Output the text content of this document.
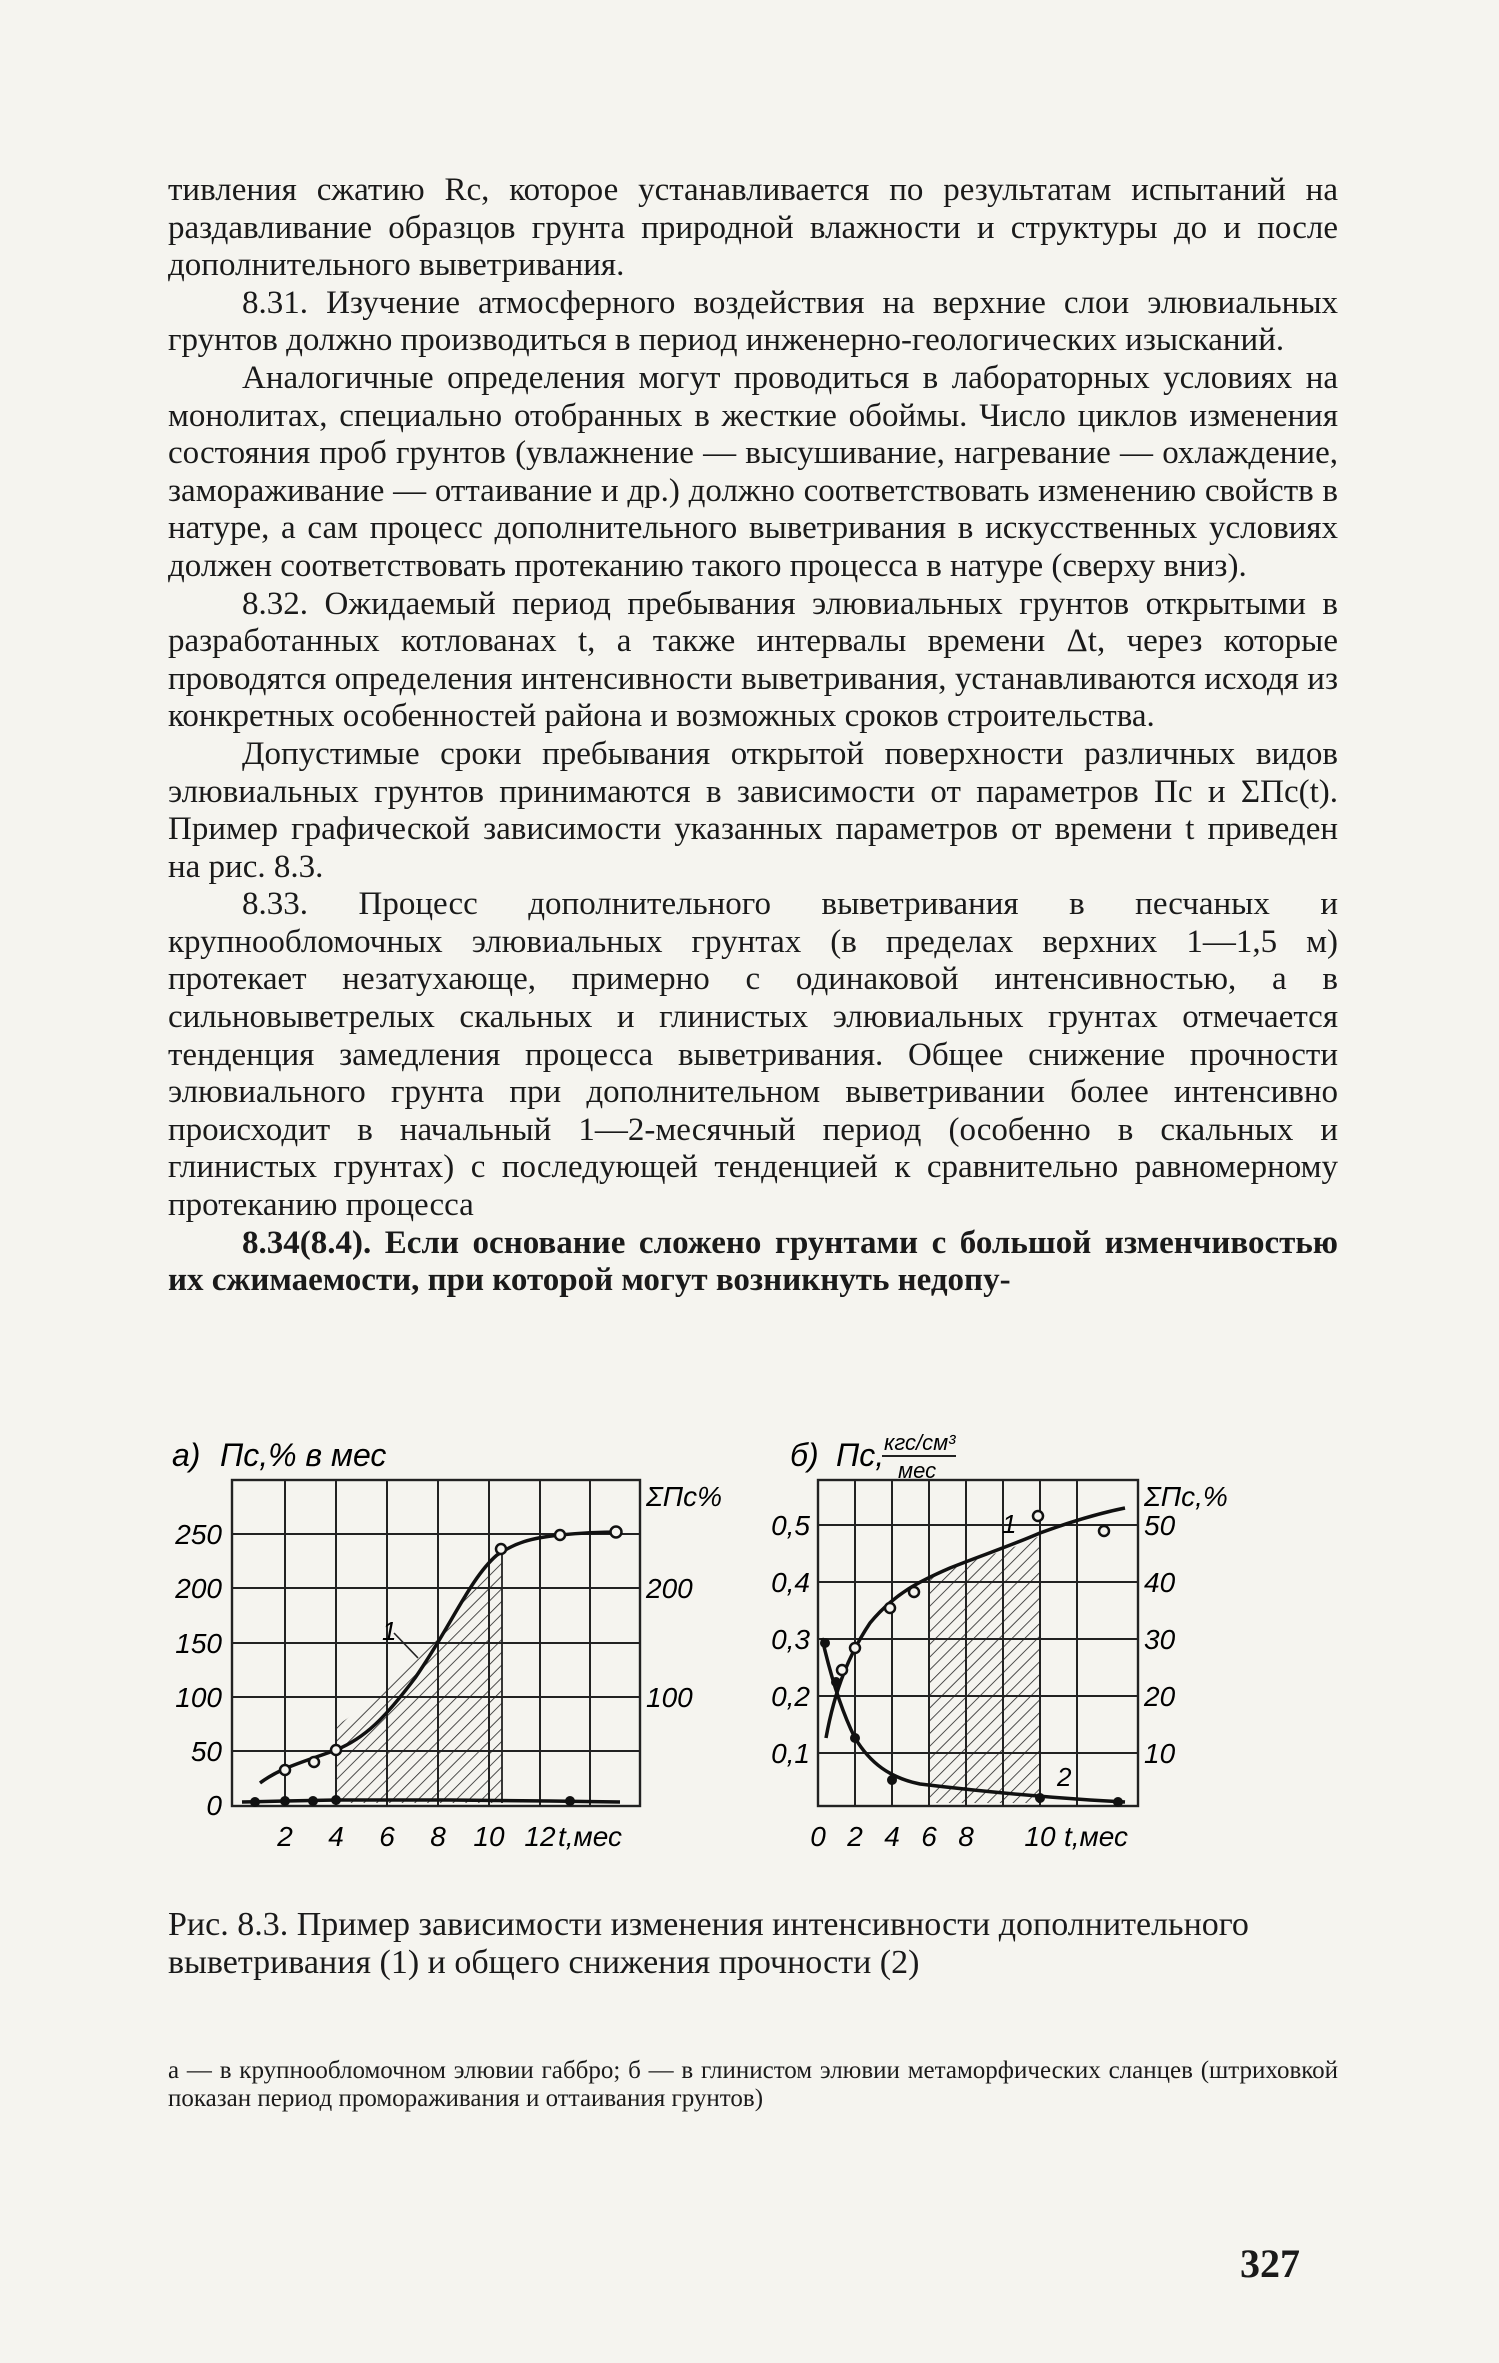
тивления сжатию Rc, которое устанавливается по результатам испытаний на раздавливание образцов грунта природной влажности и структуры до и после дополнительного выветривания.

8.31. Изучение атмосферного воздействия на верхние слои элювиальных грунтов должно производиться в период инженерно-геологических изысканий.

Аналогичные определения могут проводиться в лабораторных условиях на монолитах, специально отобранных в жесткие обоймы. Число циклов изменения состояния проб грунтов (увлажнение — высушивание, нагревание — охлаждение, замораживание — оттаивание и др.) должно соответствовать изменению свойств в натуре, а сам процесс дополнительного выветривания в искусственных условиях должен соответствовать протеканию такого процесса в натуре (сверху вниз).

8.32. Ожидаемый период пребывания элювиальных грунтов открытыми в разработанных котлованах t, а также интервалы времени Δt, через которые проводятся определения интенсивности выветривания, устанавливаются исходя из конкретных особенностей района и возможных сроков строительства.

Допустимые сроки пребывания открытой поверхности различных видов элювиальных грунтов принимаются в зависимости от параметров Пс и ΣПс(t). Пример графической зависимости указанных параметров от времени t приведен на рис. 8.3.

8.33. Процесс дополнительного выветривания в песчаных и крупнообломочных элювиальных грунтах (в пределах верхних 1—1,5 м) протекает незатухающе, примерно с одинаковой интенсивностью, а в сильновыветрелых скальных и глинистых элювиальных грунтах отмечается тенденция замедления процесса выветривания. Общее снижение прочности элювиального грунта при дополнительном выветривании более интенсивно происходит в начальный 1—2-месячный период (особенно в скальных и глинистых грунтах) с последующей тенденцией к сравнительно равномерному протеканию процесса

8.34(8.4). Если основание сложено грунтами с большой изменчивостью их сжимаемости, при которой могут возникнуть недопу-

а) Пс,% в мес
ΣПс%
1
0
50
100
150
200
250
100
200
2 4 6 8 10 12 t,мес
б) Пс, кгс/см³
мес
ΣПс,%
1
2
0,1
0,2
0,3
0,4
0,5
10
20
30
40
50
0 2 4 6 8 10 t,мес

Рис. 8.3. Пример зависимости изменения интенсивности дополнительного выветривания (1) и общего снижения прочности (2)

а — в крупнообломочном элювии габбро; б — в глинистом элювии метаморфических сланцев (штриховкой показан период промораживания и оттаивания грунтов)

327
